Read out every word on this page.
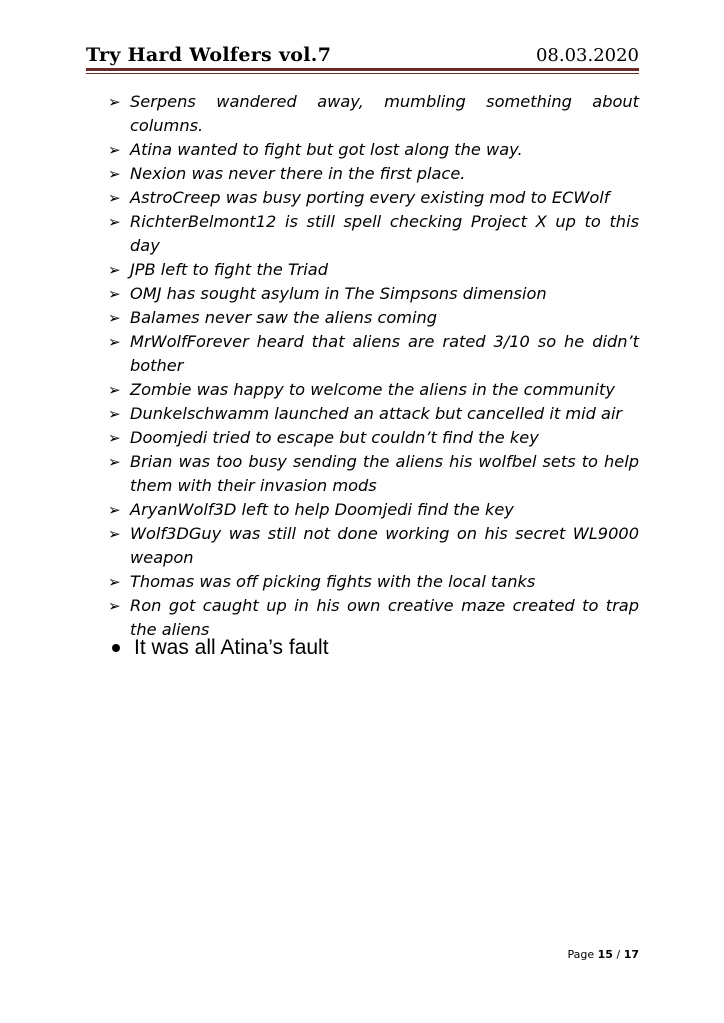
Try Hard Wolfers vol.7	08.03.2020
➢ Serpens wandered away, mumbling something about columns.
➢ Atina wanted to fight but got lost along the way.
➢ Nexion was never there in the first place.
➢ AstroCreep was busy porting every existing mod to ECWolf
➢ RichterBelmont12 is still spell checking Project X up to this day
➢ JPB left to fight the Triad
➢ OMJ has sought asylum in The Simpsons dimension
➢ Balames never saw the aliens coming
➢ MrWolfForever heard that aliens are rated 3/10 so he didn’t bother
➢ Zombie was happy to welcome the aliens in the community
➢ Dunkelschwamm launched an attack but cancelled it mid air
➢ Doomjedi tried to escape but couldn’t find the key
➢ Brian was too busy sending the aliens his wolfbel sets to help them with their invasion mods
➢ AryanWolf3D left to help Doomjedi find the key
➢ Wolf3DGuy was still not done working on his secret WL9000 weapon
➢ Thomas was off picking fights with the local tanks
➢ Ron got caught up in his own creative maze created to trap the aliens
It was all Atina’s fault
Page 15 / 17
